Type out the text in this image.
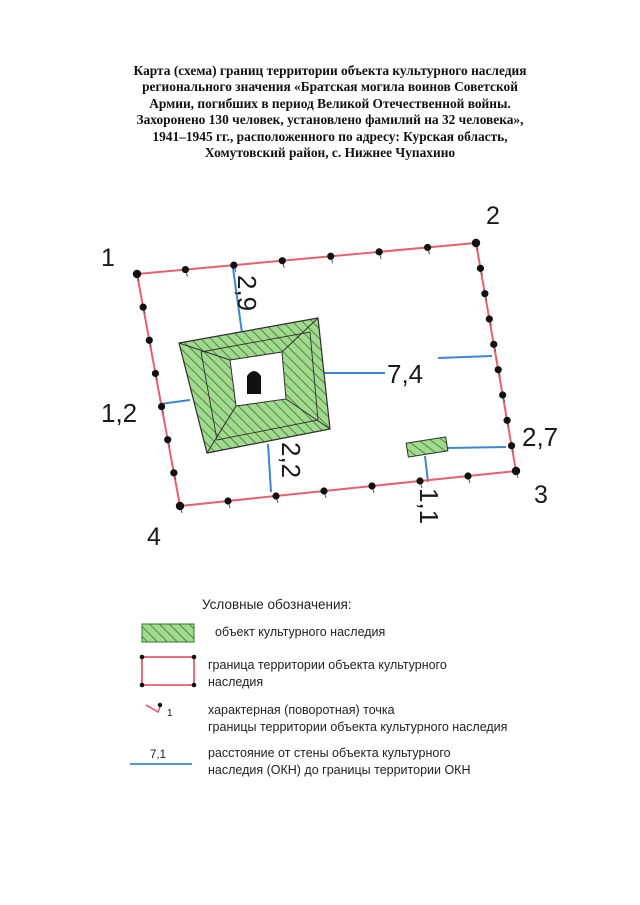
Карта (схема) границ территории объекта культурного наследия
регионального значения «Братская могила воинов Советской
Армии, погибших в период Великой Отечественной войны.
Захоронено 130 человек, установлено фамилий на 32 человека»,
1941–1945 гг., расположенного по адресу: Курская область,
Хомутовский район, с. Нижнее Чупахино
1
2
3
4
2,9
7,4
1,2
2,7
2,2
1,1
1
7,1
Условные обозначения:
объект культурного наследия
граница территории объекта культурного
наследия
характерная (поворотная) точка
границы территории объекта культурного наследия
расстояние от стены объекта культурного
наследия (ОКН) до границы территории ОКН
